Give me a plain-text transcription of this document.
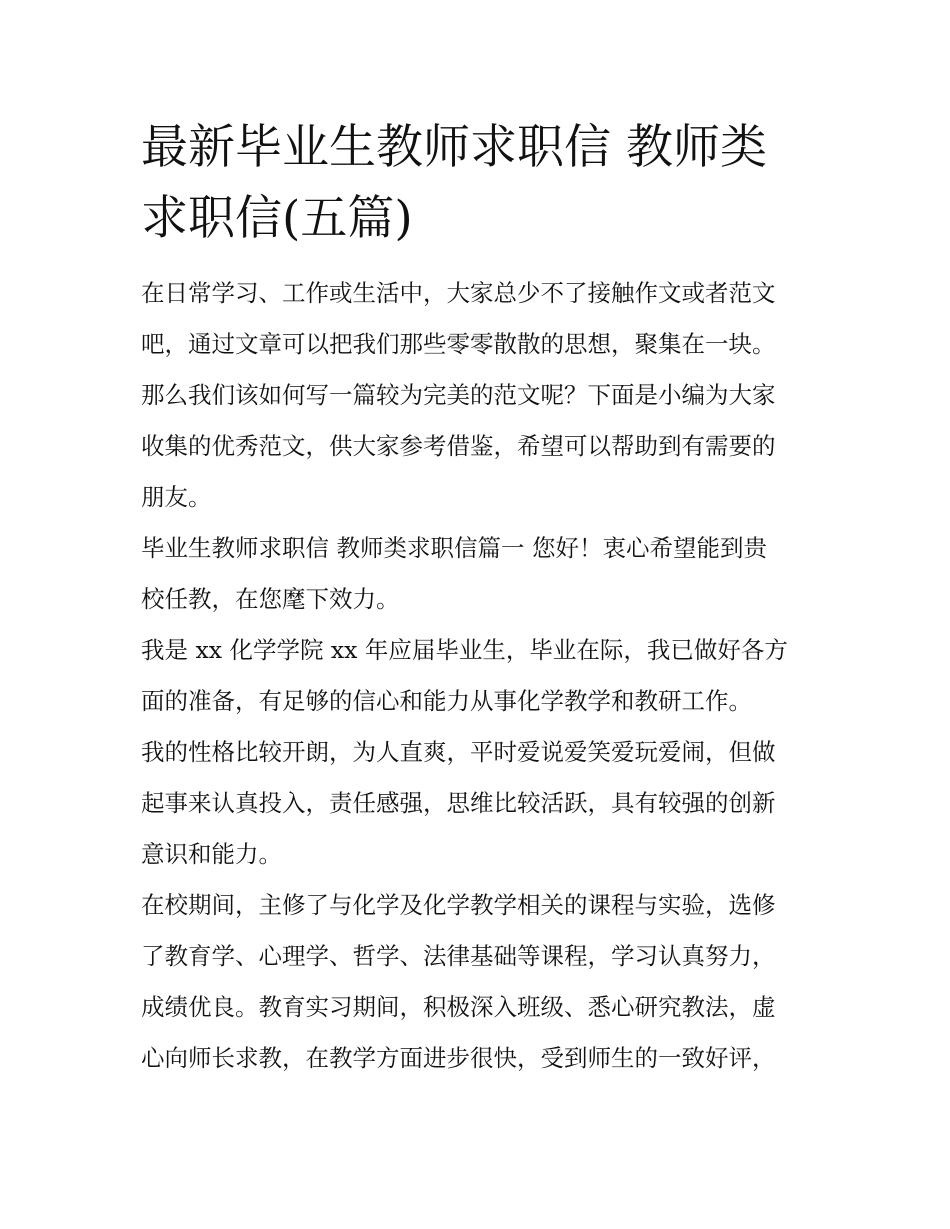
最新毕业生教师求职信 教师类
求职信(五篇)

在日常学习、工作或生活中，大家总少不了接触作文或者范文
吧，通过文章可以把我们那些零零散散的思想，聚集在一块。
那么我们该如何写一篇较为完美的范文呢？下面是小编为大家
收集的优秀范文，供大家参考借鉴，希望可以帮助到有需要的
朋友。

毕业生教师求职信 教师类求职信篇一 您好！衷心希望能到贵
校任教，在您麾下效力。

我是 xx 化学学院 xx 年应届毕业生，毕业在际，我已做好各方
面的准备，有足够的信心和能力从事化学教学和教研工作。

我的性格比较开朗，为人直爽，平时爱说爱笑爱玩爱闹，但做
起事来认真投入，责任感强，思维比较活跃，具有较强的创新
意识和能力。

在校期间，主修了与化学及化学教学相关的课程与实验，选修
了教育学、心理学、哲学、法律基础等课程，学习认真努力，
成绩优良。教育实习期间，积极深入班级、悉心研究教法，虚
心向师长求教，在教学方面进步很快，受到师生的一致好评，
